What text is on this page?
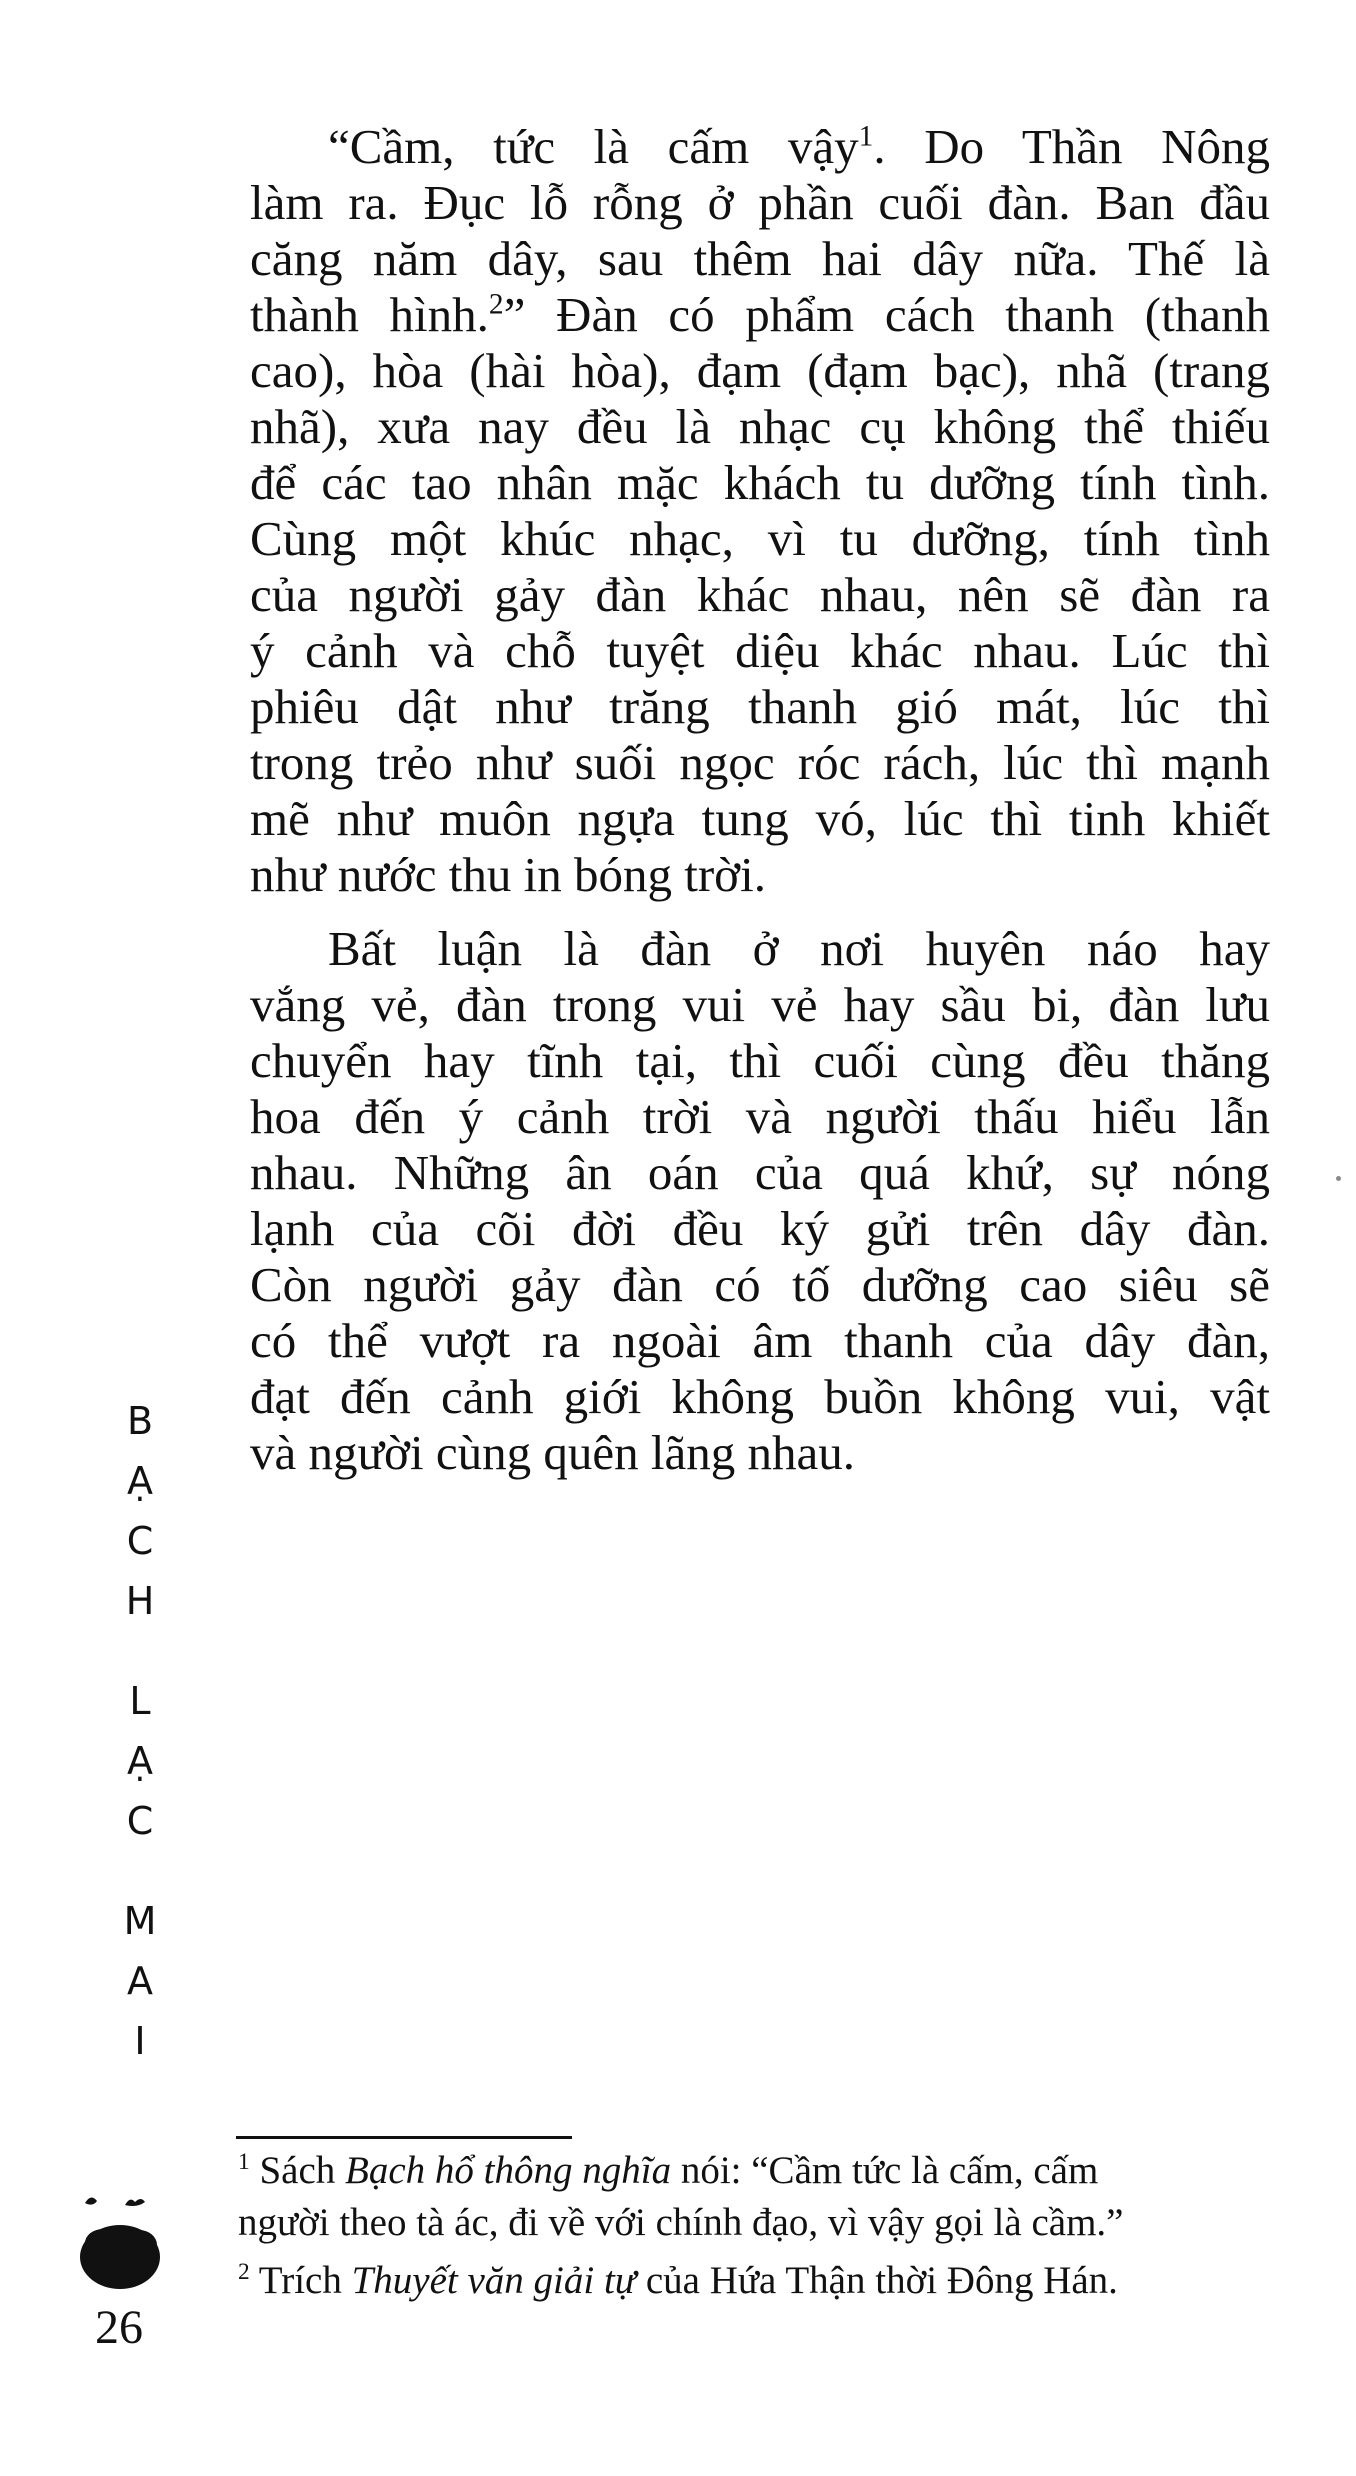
“Cầm, tức là cấm vậy$^1$. Do Thần Nông

làm ra. Đục lỗ rỗng ở phần cuối đàn. Ban đầu

căng năm dây, sau thêm hai dây nữa. Thế là

thành hình.$^2$” Đàn có phẩm cách thanh (thanh

cao), hòa (hài hòa), đạm (đạm bạc), nhã (trang

nhã), xưa nay đều là nhạc cụ không thể thiếu

để các tao nhân mặc khách tu dưỡng tính tình.

Cùng một khúc nhạc, vì tu dưỡng, tính tình

của người gảy đàn khác nhau, nên sẽ đàn ra

ý cảnh và chỗ tuyệt diệu khác nhau. Lúc thì

phiêu dật như trăng thanh gió mát, lúc thì

trong trẻo như suối ngọc róc rách, lúc thì mạnh

mẽ như muôn ngựa tung vó, lúc thì tinh khiết

như nước thu in bóng trời.

Bất luận là đàn ở nơi huyên náo hay

vắng vẻ, đàn trong vui vẻ hay sầu bi, đàn lưu

chuyển hay tĩnh tại, thì cuối cùng đều thăng

hoa đến ý cảnh trời và người thấu hiểu lẫn

nhau. Những ân oán của quá khứ, sự nóng

lạnh của cõi đời đều ký gửi trên dây đàn.

Còn người gảy đàn có tố dưỡng cao siêu sẽ

có thể vượt ra ngoài âm thanh của dây đàn,

đạt đến cảnh giới không buồn không vui, vật

và người cùng quên lãng nhau.

$^1$ Sách Bạch hổ thông nghĩa nói: “Cầm tức là cấm, cấm

người theo tà ác, đi về với chính đạo, vì vậy gọi là cầm.”

$^2$ Trích Thuyết văn giải tự của Hứa Thận thời Đông Hán.

B
Ạ
C
H
L
Ạ
C
M
A
I
26
